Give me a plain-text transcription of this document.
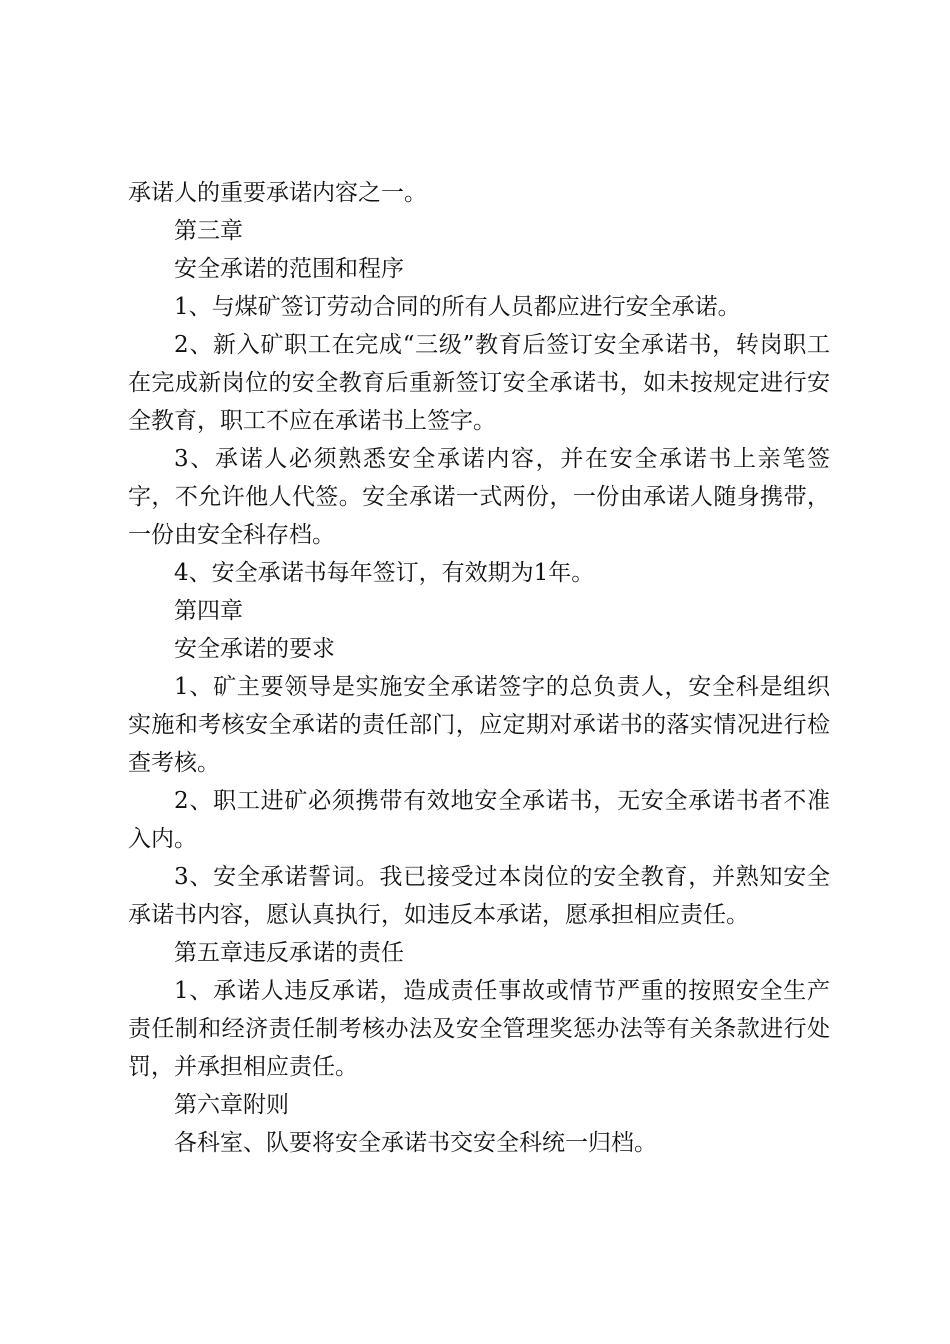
承诺人的重要承诺内容之一。

第三章

安全承诺的范围和程序

1、与煤矿签订劳动合同的所有人员都应进行安全承诺。

2、新入矿职工在完成“三级”教育后签订安全承诺书，转岗职工在完成新岗位的安全教育后重新签订安全承诺书，如未按规定进行安全教育，职工不应在承诺书上签字。

3、承诺人必须熟悉安全承诺内容，并在安全承诺书上亲笔签字，不允许他人代签。安全承诺一式两份，一份由承诺人随身携带，一份由安全科存档。

4、安全承诺书每年签订，有效期为1年。

第四章

安全承诺的要求

1、矿主要领导是实施安全承诺签字的总负责人，安全科是组织实施和考核安全承诺的责任部门，应定期对承诺书的落实情况进行检查考核。

2、职工进矿必须携带有效地安全承诺书，无安全承诺书者不准入内。

3、安全承诺誓词。我已接受过本岗位的安全教育，并熟知安全承诺书内容，愿认真执行，如违反本承诺，愿承担相应责任。

第五章违反承诺的责任

1、承诺人违反承诺，造成责任事故或情节严重的按照安全生产责任制和经济责任制考核办法及安全管理奖惩办法等有关条款进行处罚，并承担相应责任。

第六章附则

各科室、队要将安全承诺书交安全科统一归档。
